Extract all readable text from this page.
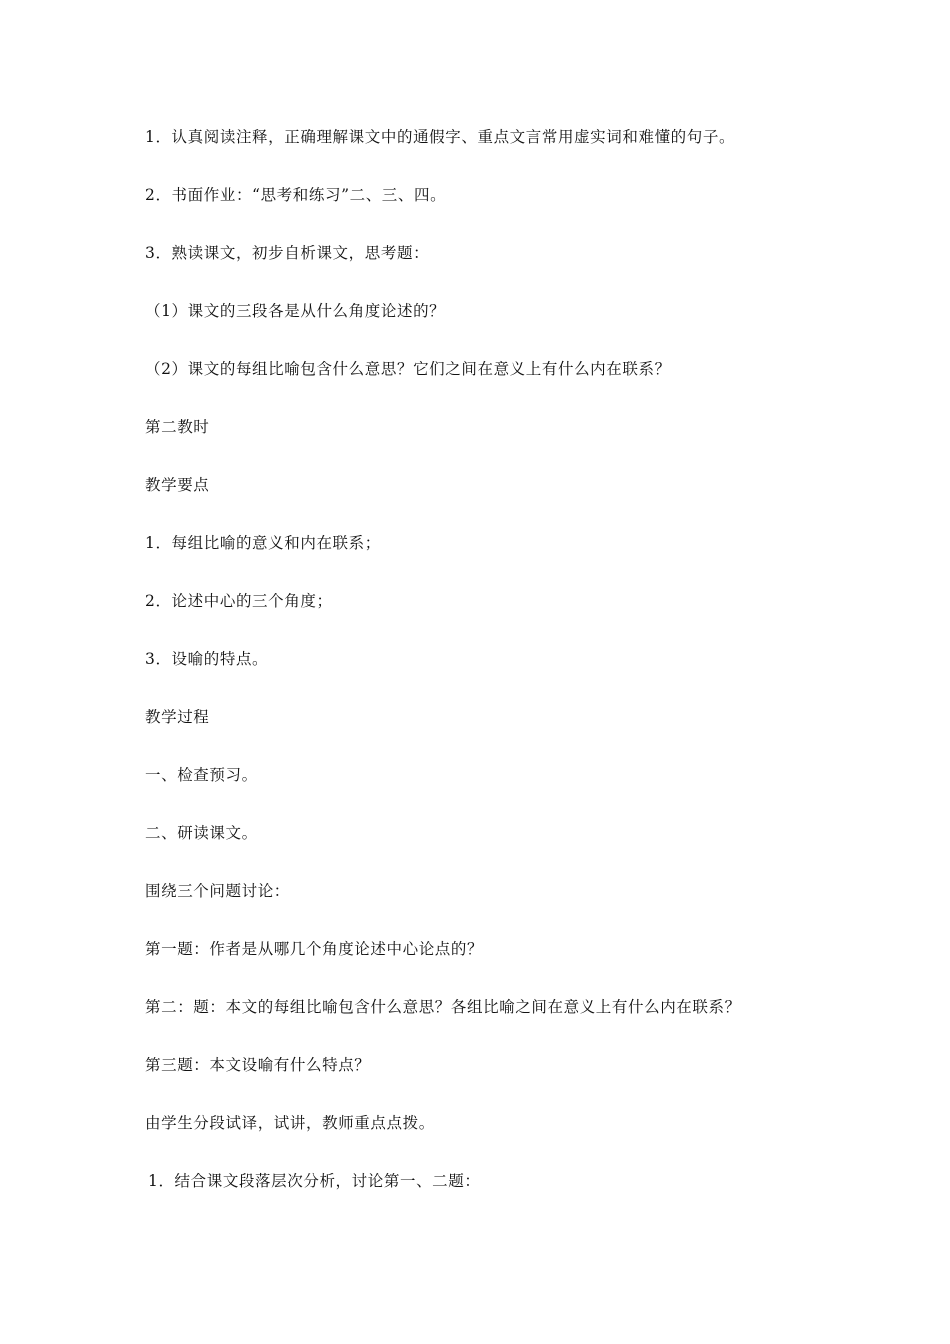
1．认真阅读注释，正确理解课文中的通假字、重点文言常用虚实词和难懂的句子。
2．书面作业：“思考和练习”二、三、四。
3．熟读课文，初步自析课文，思考题：
（1）课文的三段各是从什么角度论述的？
（2）课文的每组比喻包含什么意思？它们之间在意义上有什么内在联系？
第二教时
教学要点
1．每组比喻的意义和内在联系；
2．论述中心的三个角度；
3．设喻的特点。
教学过程
一、检查预习。
二、研读课文。
围绕三个问题讨论：
第一题：作者是从哪几个角度论述中心论点的？
第二：题：本文的每组比喻包含什么意思？各组比喻之间在意义上有什么内在联系？
第三题：本文设喻有什么特点？
由学生分段试译，试讲，教师重点点拨。
1．结合课文段落层次分析，讨论第一、二题：
